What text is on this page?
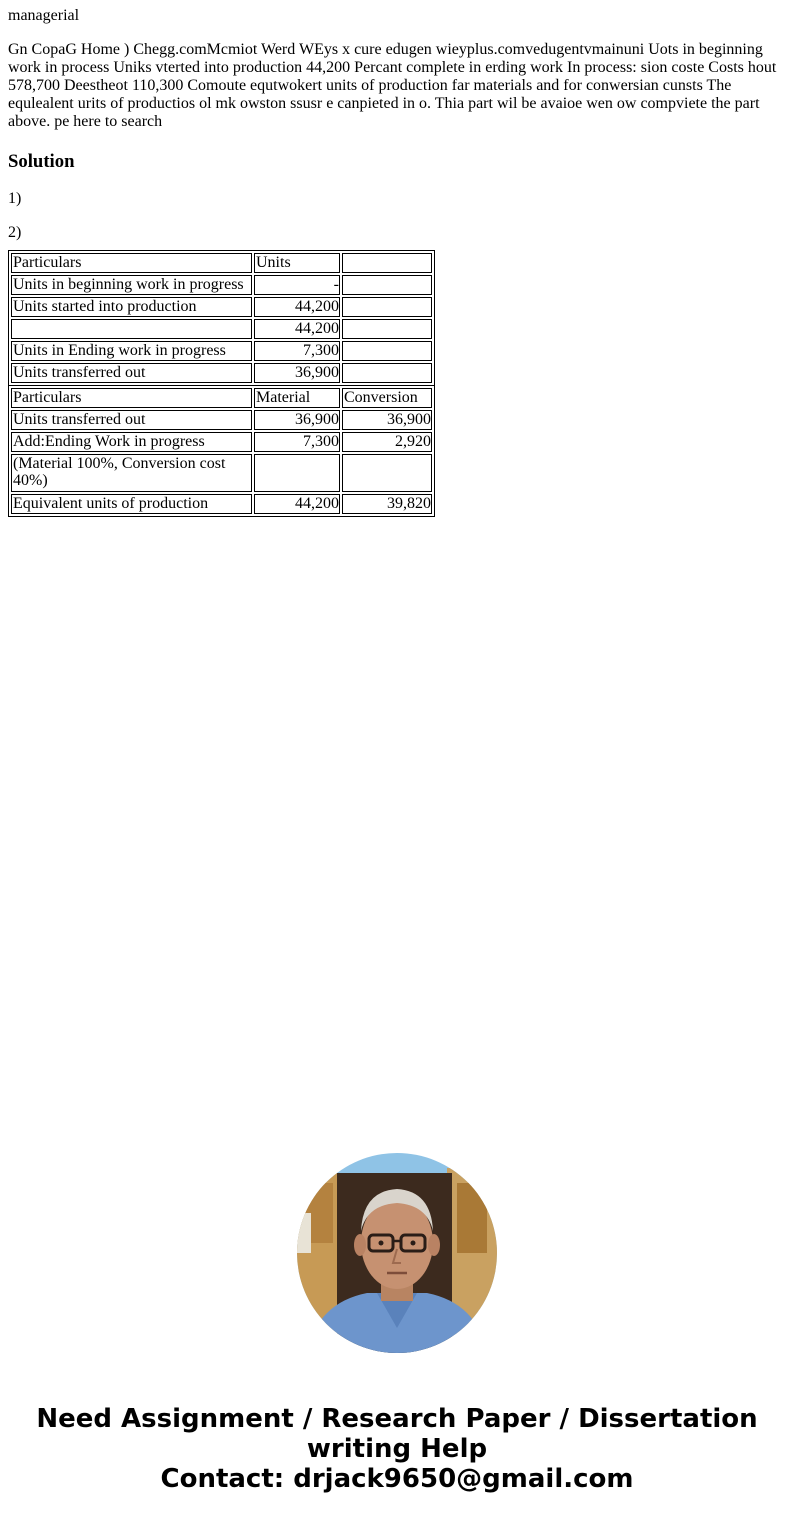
managerial

Gn CopaG Home ) Chegg.comMcmiot Werd WEys x cure edugen wieyplus.comvedugentvmainuni Uots in beginning work in process Uniks vterted into production 44,200 Percant complete in erding work In process: sion coste Costs hout 578,700 Deestheot 110,300 Comoute equtwokert units of production far materials and for conwersian cunsts The equlealent urits of productios ol mk owston ssusr e canpieted in o. Thia part wil be avaioe wen ow compviete the part above. pe here to search

Solution

1)

2)

Particulars	Units	
Units in beginning work in progress	-	
Units started into production	44,200	
	44,200	
Units in Ending work in progress	7,300	
Units transferred out	36,900	
Particulars	Material	Conversion
Units transferred out	36,900	36,900
Add:Ending Work in progress	7,300	2,920
(Material 100%, Conversion cost 40%)		
Equivalent units of production	44,200	39,820
Need Assignment / Research Paper / Dissertation
writing Help
Contact: drjack9650@gmail.com
